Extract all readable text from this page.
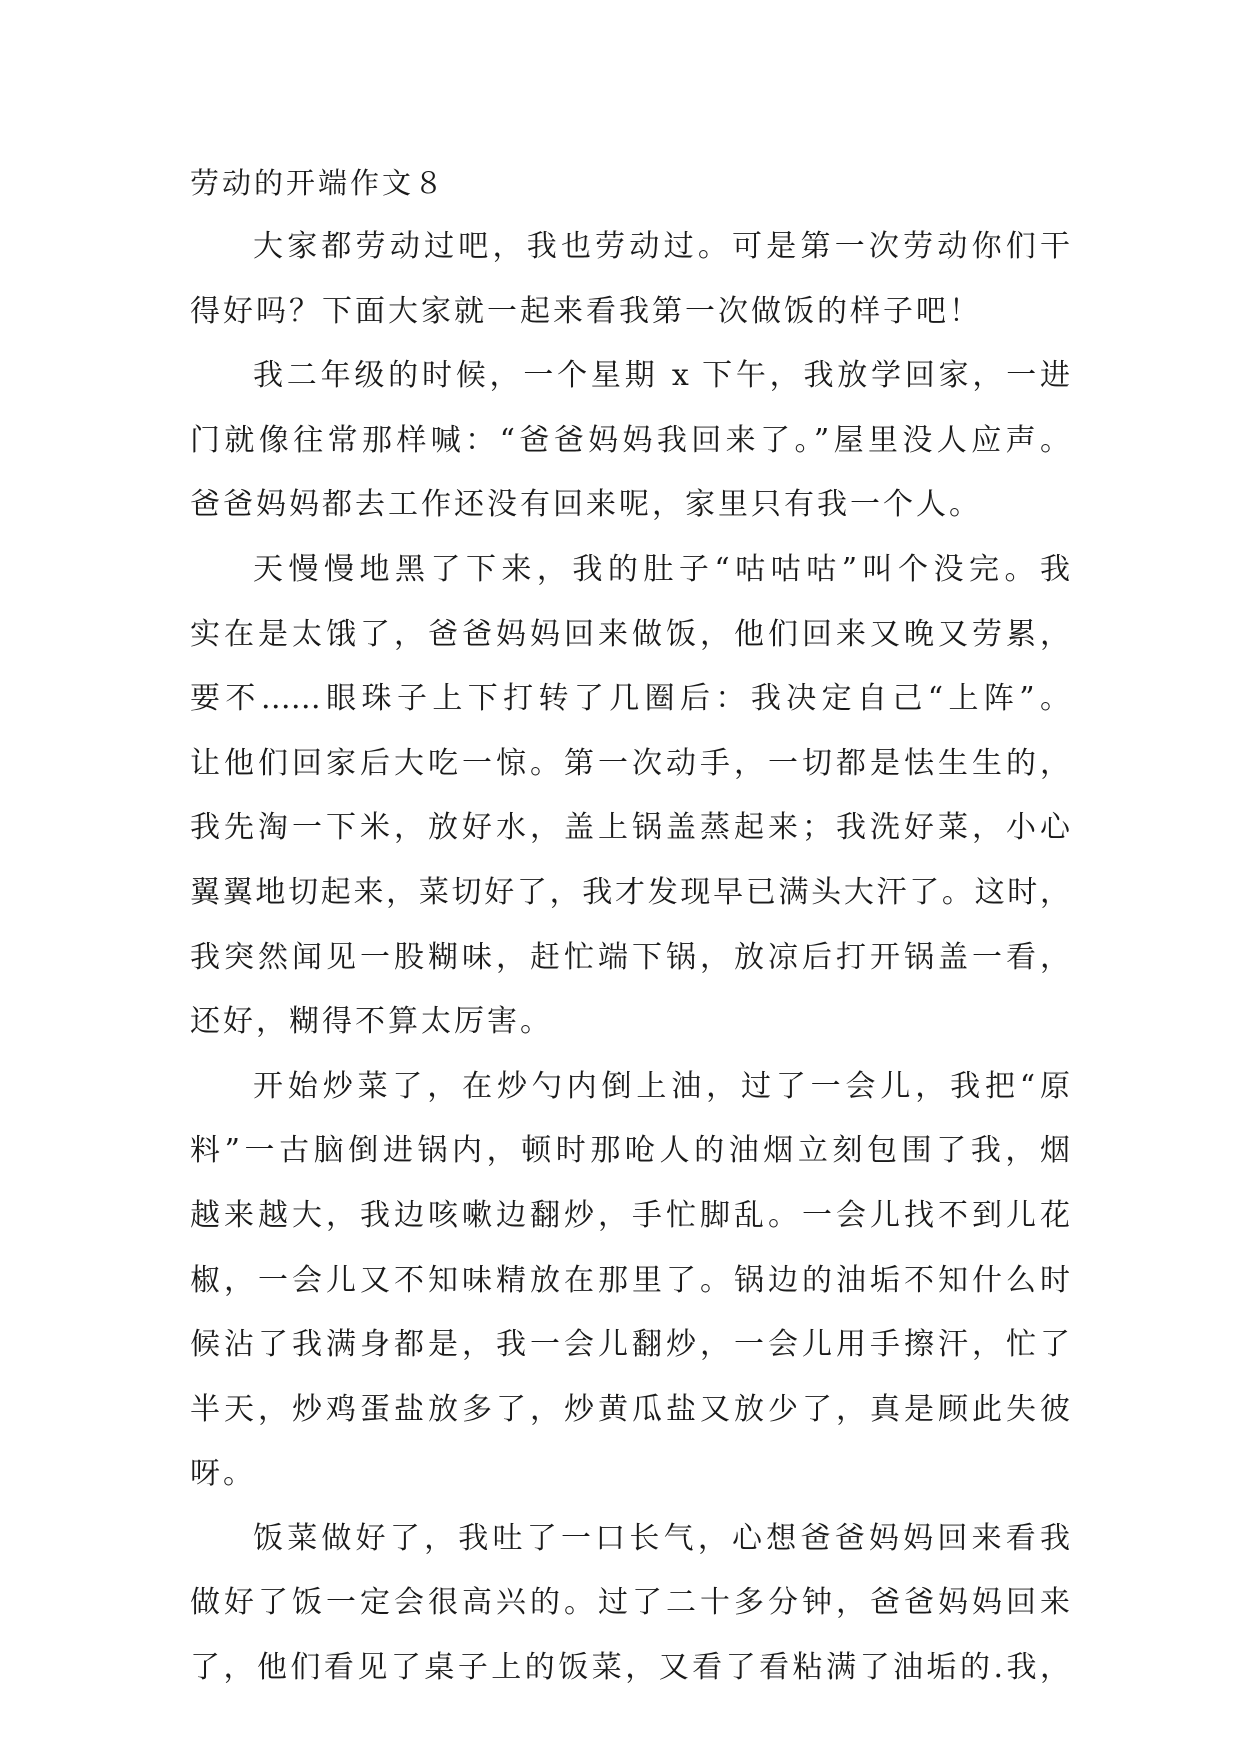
劳动的开端作文８
大家都劳动过吧，我也劳动过。可是第一次劳动你们干
得好吗？下面大家就一起来看我第一次做饭的样子吧！
我二年级的时候，一个星期 x 下午，我放学回家，一进
门就像往常那样喊：“爸爸妈妈我回来了。”屋里没人应声。
爸爸妈妈都去工作还没有回来呢，家里只有我一个人。
天慢慢地黑了下来，我的肚子“咕咕咕”叫个没完。我
实在是太饿了，爸爸妈妈回来做饭，他们回来又晚又劳累，
要不……眼珠子上下打转了几圈后：我决定自己“上阵”。
让他们回家后大吃一惊。第一次动手，一切都是怯生生的，
我先淘一下米，放好水，盖上锅盖蒸起来；我洗好菜，小心
翼翼地切起来，菜切好了，我才发现早已满头大汗了。这时，
我突然闻见一股糊味，赶忙端下锅，放凉后打开锅盖一看，
还好，糊得不算太厉害。
开始炒菜了，在炒勺内倒上油，过了一会儿，我把“原
料”一古脑倒进锅内，顿时那呛人的油烟立刻包围了我，烟
越来越大，我边咳嗽边翻炒，手忙脚乱。一会儿找不到儿花
椒，一会儿又不知味精放在那里了。锅边的油垢不知什么时
候沾了我满身都是，我一会儿翻炒，一会儿用手擦汗，忙了
半天，炒鸡蛋盐放多了，炒黄瓜盐又放少了，真是顾此失彼
呀。
饭菜做好了，我吐了一口长气，心想爸爸妈妈回来看我
做好了饭一定会很高兴的。过了二十多分钟，爸爸妈妈回来
了，他们看见了桌子上的饭菜，又看了看粘满了油垢的.我，
